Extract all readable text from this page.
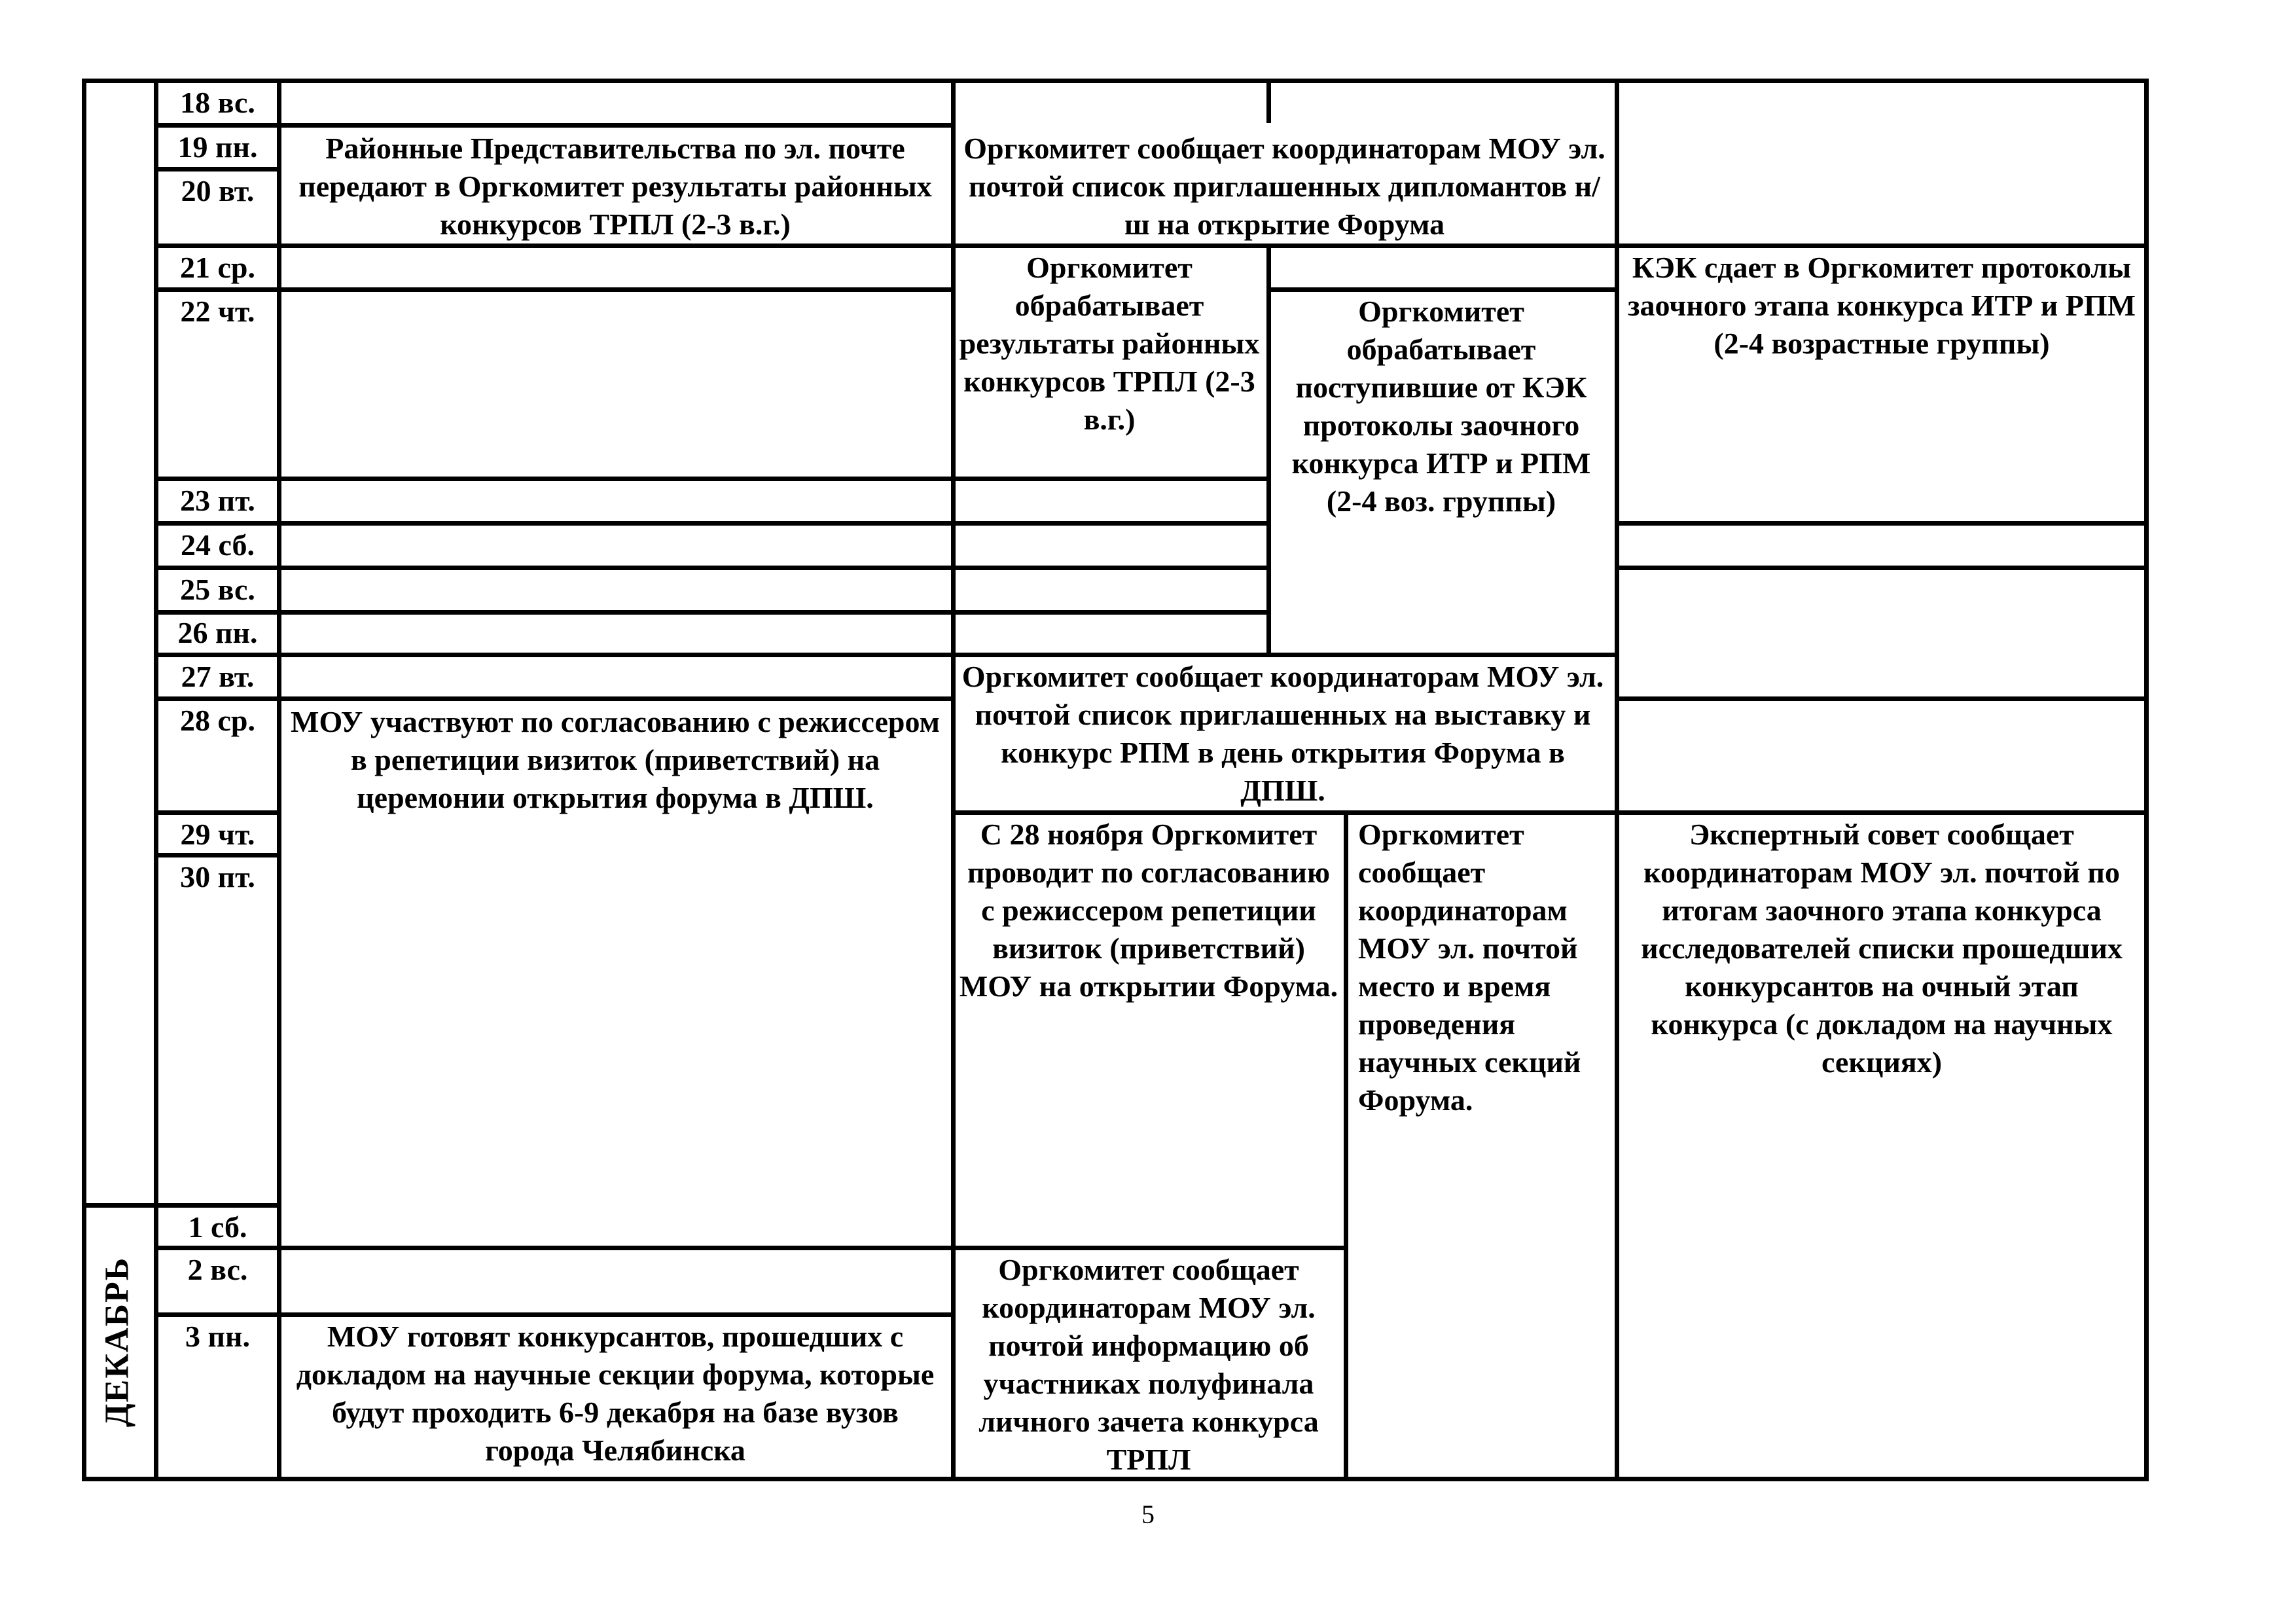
18 вс.
19 пн.
20 вт.
21 ср.
22 чт.
23 пт.
24 сб.
25 вс.
26 пн.
27 вт.
28 ср.
29 чт.
30 пт.
1 сб.
2 вс.
3 пн.
ДЕКАБРЬ
Районные Представительства по эл. почте передают в Оргкомитет результаты районных конкурсов ТРПЛ (2-3 в.г.)
Оргкомитет сообщает координаторам МОУ эл. почтой список приглашенных дипломантов н/ш на открытие Форума
Оргкомитет обрабатывает результаты районных конкурсов ТРПЛ (2-3 в.г.)
Оргкомитет обрабатывает поступившие от КЭК протоколы заочного конкурса ИТР и РПМ (2-4 воз. группы)
КЭК сдает в Оргкомитет протоколы заочного этапа конкурса ИТР и РПМ (2-4 возрастные группы)
Оргкомитет сообщает координаторам МОУ эл. почтой список приглашенных на выставку и конкурс РПМ в день открытия Форума в ДПШ.
МОУ участвуют по согласованию с режиссером в репетиции визиток (приветствий) на церемонии открытия форума в ДПШ.
С 28 ноября Оргкомитет проводит по согласованию с режиссером репетиции визиток (приветствий) МОУ на открытии Форума.
Оргкомитет сообщает координаторам МОУ эл. почтой место и время проведения научных секций Форума.
Экспертный совет сообщает координаторам МОУ эл. почтой по итогам заочного этапа конкурса исследователей списки прошедших конкурсантов на очный этап конкурса (с докладом на научных секциях)
Оргкомитет сообщает координаторам МОУ эл. почтой информацию об участниках полуфинала личного зачета конкурса ТРПЛ
МОУ готовят конкурсантов, прошедших с докладом на научные секции форума, которые будут проходить 6-9 декабря на базе вузов города Челябинска
5
